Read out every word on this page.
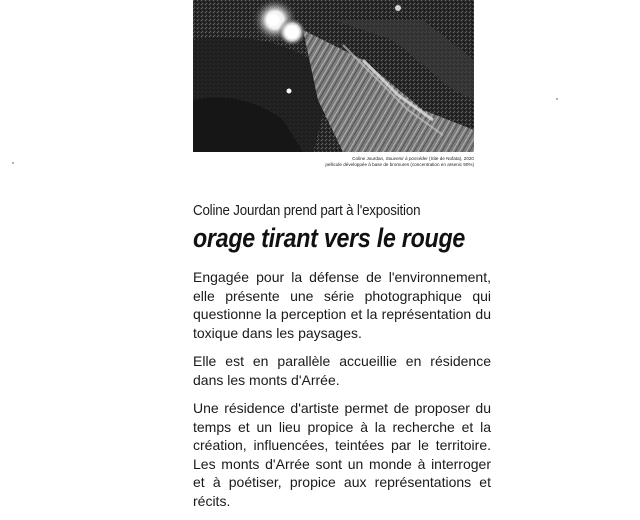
Coline Jourdan, Souvenir à posséder (Site de Nofata), 2020
pellicule développée à base de bromures (concentration en arsenic 90%)
Coline Jourdan prend part à l'exposition
orage tirant vers le rouge

Engagée pour la défense de l'environnement, elle présente une série photographique qui questionne la perception et la représentation du toxique dans les paysages.

Elle est en parallèle accueillie en résidence dans les monts d'Arrée.

Une résidence d'artiste permet de proposer du temps et un lieu propice à la recherche et la création, influencées, teintées par le territoire. Les monts d'Arrée sont un monde à interroger et à poétiser, propice aux représentations et récits.
